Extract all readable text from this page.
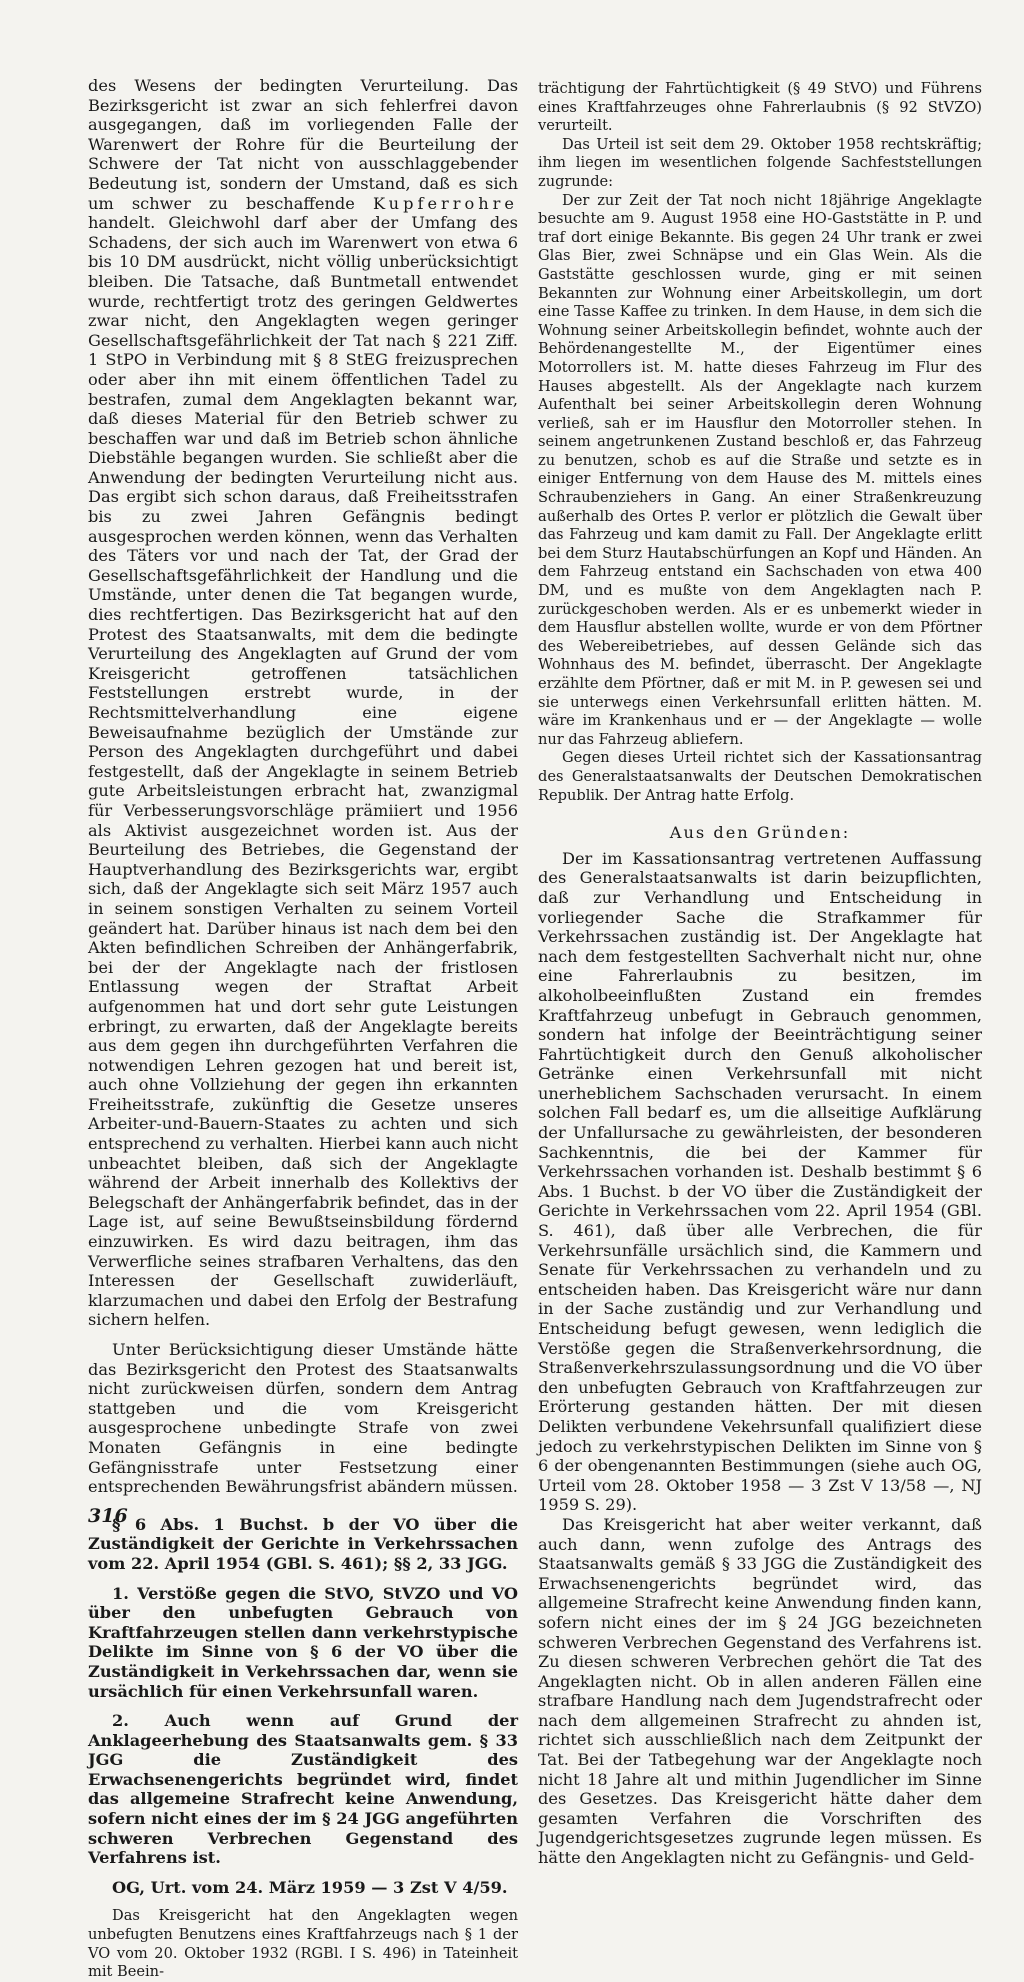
des Wesens der bedingten Verurteilung. Das Bezirksgericht ist zwar an sich fehlerfrei davon ausgegangen, daß im vorliegenden Falle der Warenwert der Rohre für die Beurteilung der Schwere der Tat nicht von ausschlaggebender Bedeutung ist, sondern der Umstand, daß es sich um schwer zu beschaffende Kupferrohre handelt. Gleichwohl darf aber der Umfang des Schadens, der sich auch im Warenwert von etwa 6 bis 10 DM ausdrückt, nicht völlig unberücksichtigt bleiben. Die Tatsache, daß Buntmetall entwendet wurde, rechtfertigt trotz des geringen Geldwertes zwar nicht, den Angeklagten wegen geringer Gesellschaftsgefährlichkeit der Tat nach § 221 Ziff. 1 StPO in Verbindung mit § 8 StEG freizusprechen oder aber ihn mit einem öffentlichen Tadel zu bestrafen, zumal dem Angeklagten bekannt war, daß dieses Material für den Betrieb schwer zu beschaffen war und daß im Betrieb schon ähnliche Diebstähle begangen wurden. Sie schließt aber die Anwendung der bedingten Verurteilung nicht aus. Das ergibt sich schon daraus, daß Freiheitsstrafen bis zu zwei Jahren Gefängnis bedingt ausgesprochen werden können, wenn das Verhalten des Täters vor und nach der Tat, der Grad der Gesellschaftsgefährlichkeit der Handlung und die Umstände, unter denen die Tat begangen wurde, dies rechtfertigen. Das Bezirksgericht hat auf den Protest des Staatsanwalts, mit dem die bedingte Verurteilung des Angeklagten auf Grund der vom Kreisgericht getroffenen tatsächlichen Feststellungen erstrebt wurde, in der Rechtsmittelverhandlung eine eigene Beweisaufnahme bezüglich der Umstände zur Person des Angeklagten durchgeführt und dabei festgestellt, daß der Angeklagte in seinem Betrieb gute Arbeitsleistungen erbracht hat, zwanzigmal für Verbesserungsvorschläge prämiiert und 1956 als Aktivist ausgezeichnet worden ist. Aus der Beurteilung des Betriebes, die Gegenstand der Hauptverhandlung des Bezirksgerichts war, ergibt sich, daß der Angeklagte sich seit März 1957 auch in seinem sonstigen Verhalten zu seinem Vorteil geändert hat. Darüber hinaus ist nach dem bei den Akten befindlichen Schreiben der Anhängerfabrik, bei der der Angeklagte nach der fristlosen Entlassung wegen der Straftat Arbeit aufgenommen hat und dort sehr gute Leistungen erbringt, zu erwarten, daß der Angeklagte bereits aus dem gegen ihn durchgeführten Verfahren die notwendigen Lehren gezogen hat und bereit ist, auch ohne Vollziehung der gegen ihn erkannten Freiheitsstrafe, zukünftig die Gesetze unseres Arbeiter-und-Bauern-Staates zu achten und sich entsprechend zu verhalten. Hierbei kann auch nicht unbeachtet bleiben, daß sich der Angeklagte während der Arbeit innerhalb des Kollektivs der Belegschaft der Anhängerfabrik befindet, das in der Lage ist, auf seine Bewußtseinsbildung fördernd einzuwirken. Es wird dazu beitragen, ihm das Verwerfliche seines strafbaren Verhaltens, das den Interessen der Gesellschaft zuwiderläuft, klarzumachen und dabei den Erfolg der Bestrafung sichern helfen.

Unter Berücksichtigung dieser Umstände hätte das Bezirksgericht den Protest des Staatsanwalts nicht zurückweisen dürfen, sondern dem Antrag stattgeben und die vom Kreisgericht ausgesprochene unbedingte Strafe von zwei Monaten Gefängnis in eine bedingte Gefängnisstrafe unter Festsetzung einer entsprechenden Bewährungsfrist abändern müssen.

§ 6 Abs. 1 Buchst. b der VO über die Zuständigkeit der Gerichte in Verkehrssachen vom 22. April 1954 (GBl. S. 461); §§ 2, 33 JGG.

1. Verstöße gegen die StVO, StVZO und VO über den unbefugten Gebrauch von Kraftfahrzeugen stellen dann verkehrstypische Delikte im Sinne von § 6 der VO über die Zuständigkeit in Verkehrssachen dar, wenn sie ursächlich für einen Verkehrsunfall waren.

2. Auch wenn auf Grund der Anklageerhebung des Staatsanwalts gem. § 33 JGG die Zuständigkeit des Erwachsenengerichts begründet wird, findet das allgemeine Strafrecht keine Anwendung, sofern nicht eines der im § 24 JGG angeführten schweren Verbrechen Gegenstand des Verfahrens ist.

OG, Urt. vom 24. März 1959 — 3 Zst V 4/59.

Das Kreisgericht hat den Angeklagten wegen unbefugten Benutzens eines Kraftfahrzeugs nach § 1 der VO vom 20. Oktober 1932 (RGBl. I S. 496) in Tateinheit mit Beein-

trächtigung der Fahrtüchtigkeit (§ 49 StVO) und Führens eines Kraftfahrzeuges ohne Fahrerlaubnis (§ 92 StVZO) verurteilt.

Das Urteil ist seit dem 29. Oktober 1958 rechtskräftig; ihm liegen im wesentlichen folgende Sachfeststellungen zugrunde:

Der zur Zeit der Tat noch nicht 18jährige Angeklagte besuchte am 9. August 1958 eine HO-Gaststätte in P. und traf dort einige Bekannte. Bis gegen 24 Uhr trank er zwei Glas Bier, zwei Schnäpse und ein Glas Wein. Als die Gaststätte geschlossen wurde, ging er mit seinen Bekannten zur Wohnung einer Arbeitskollegin, um dort eine Tasse Kaffee zu trinken. In dem Hause, in dem sich die Wohnung seiner Arbeitskollegin befindet, wohnte auch der Behördenangestellte M., der Eigentümer eines Motorrollers ist. M. hatte dieses Fahrzeug im Flur des Hauses abgestellt. Als der Angeklagte nach kurzem Aufenthalt bei seiner Arbeitskollegin deren Wohnung verließ, sah er im Hausflur den Motorroller stehen. In seinem angetrunkenen Zustand beschloß er, das Fahrzeug zu benutzen, schob es auf die Straße und setzte es in einiger Entfernung von dem Hause des M. mittels eines Schraubenziehers in Gang. An einer Straßenkreuzung außerhalb des Ortes P. verlor er plötzlich die Gewalt über das Fahrzeug und kam damit zu Fall. Der Angeklagte erlitt bei dem Sturz Hautabschürfungen an Kopf und Händen. An dem Fahrzeug entstand ein Sachschaden von etwa 400 DM, und es mußte von dem Angeklagten nach P. zurückgeschoben werden. Als er es unbemerkt wieder in dem Hausflur abstellen wollte, wurde er von dem Pförtner des Webereibetriebes, auf dessen Gelände sich das Wohnhaus des M. befindet, überrascht. Der Angeklagte erzählte dem Pförtner, daß er mit M. in P. gewesen sei und sie unterwegs einen Verkehrsunfall erlitten hätten. M. wäre im Krankenhaus und er — der Angeklagte — wolle nur das Fahrzeug abliefern.

Gegen dieses Urteil richtet sich der Kassationsantrag des Generalstaatsanwalts der Deutschen Demokratischen Republik. Der Antrag hatte Erfolg.

Aus den Gründen:

Der im Kassationsantrag vertretenen Auffassung des Generalstaatsanwalts ist darin beizupflichten, daß zur Verhandlung und Entscheidung in vorliegender Sache die Strafkammer für Verkehrssachen zuständig ist. Der Angeklagte hat nach dem festgestellten Sachverhalt nicht nur, ohne eine Fahrerlaubnis zu besitzen, im alkoholbeeinflußten Zustand ein fremdes Kraftfahrzeug unbefugt in Gebrauch genommen, sondern hat infolge der Beeinträchtigung seiner Fahrtüchtigkeit durch den Genuß alkoholischer Getränke einen Verkehrsunfall mit nicht unerheblichem Sachschaden verursacht. In einem solchen Fall bedarf es, um die allseitige Aufklärung der Unfallursache zu gewährleisten, der besonderen Sachkenntnis, die bei der Kammer für Verkehrssachen vorhanden ist. Deshalb bestimmt § 6 Abs. 1 Buchst. b der VO über die Zuständigkeit der Gerichte in Verkehrssachen vom 22. April 1954 (GBl. S. 461), daß über alle Verbrechen, die für Verkehrsunfälle ursächlich sind, die Kammern und Senate für Verkehrssachen zu verhandeln und zu entscheiden haben. Das Kreisgericht wäre nur dann in der Sache zuständig und zur Verhandlung und Entscheidung befugt gewesen, wenn lediglich die Verstöße gegen die Straßenverkehrsordnung, die Straßenverkehrszulassungsordnung und die VO über den unbefugten Gebrauch von Kraftfahrzeugen zur Erörterung gestanden hätten. Der mit diesen Delikten verbundene Vekehrsunfall qualifiziert diese jedoch zu verkehrstypischen Delikten im Sinne von § 6 der obengenannten Bestimmungen (siehe auch OG, Urteil vom 28. Oktober 1958 — 3 Zst V 13/58 —, NJ 1959 S. 29).

Das Kreisgericht hat aber weiter verkannt, daß auch dann, wenn zufolge des Antrags des Staatsanwalts gemäß § 33 JGG die Zuständigkeit des Erwachsenengerichts begründet wird, das allgemeine Strafrecht keine Anwendung finden kann, sofern nicht eines der im § 24 JGG bezeichneten schweren Verbrechen Gegenstand des Verfahrens ist. Zu diesen schweren Verbrechen gehört die Tat des Angeklagten nicht. Ob in allen anderen Fällen eine strafbare Handlung nach dem Jugendstrafrecht oder nach dem allgemeinen Strafrecht zu ahnden ist, richtet sich ausschließlich nach dem Zeitpunkt der Tat. Bei der Tatbegehung war der Angeklagte noch nicht 18 Jahre alt und mithin Jugendlicher im Sinne des Gesetzes. Das Kreisgericht hätte daher dem gesamten Verfahren die Vorschriften des Jugendgerichtsgesetzes zugrunde legen müssen. Es hätte den Angeklagten nicht zu Gefängnis- und Geld-

316
